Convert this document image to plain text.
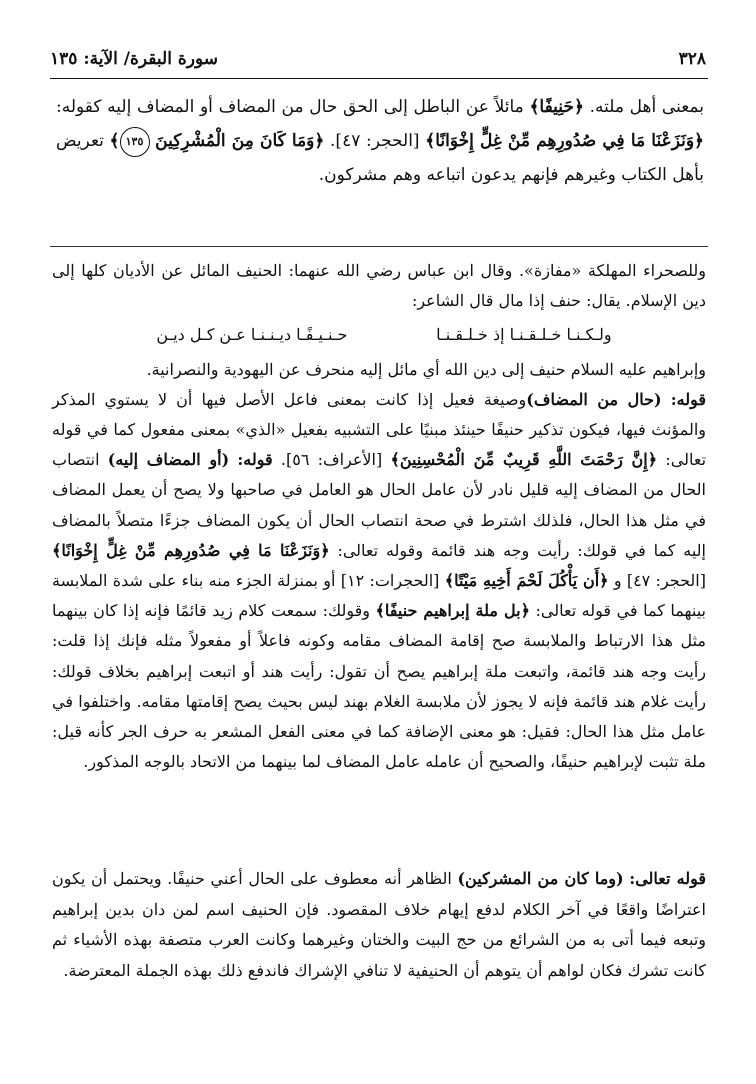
٣٢٨
سورة البقرة/ الآية: ١٣٥
بمعنى أهل ملته. ﴿حَنِيفًا﴾ مائلاً عن الباطل إلى الحق حال من المضاف أو المضاف إليه كقوله: ﴿وَنَزَعْنَا مَا فِي صُدُورِهِم مِّنْ غِلٍّ إِخْوَانًا﴾ [الحجر: ٤٧]. ﴿وَمَا كَانَ مِنَ الْمُشْرِكِينَ ١٣٥﴾ تعريض بأهل الكتاب وغيرهم فإنهم يدعون اتباعه وهم مشركون.

وللصحراء المهلكة «مفازة». وقال ابن عباس رضي الله عنهما: الحنيف المائل عن الأديان كلها إلى دين الإسلام. يقال: حنف إذا مال قال الشاعر:

ولـكـنـا خـلـقـنـا إذ خـلـقـنـا
حـنـيـفًـا ديـنـنـا عـن كـل ديـن

وإبراهيم عليه السلام حنيف إلى دين الله أي مائل إليه منحرف عن اليهودية والنصرانية.

قوله: (حال من المضاف)وصيغة فعيل إذا كانت بمعنى فاعل الأصل فيها أن لا يستوي المذكر والمؤنث فيها، فيكون تذكير حنيفًا حينئذ مبنيًا على التشبيه بفعيل «الذي» بمعنى مفعول كما في قوله تعالى: ﴿إِنَّ رَحْمَتَ اللَّهِ قَرِيبٌ مِّنَ الْمُحْسِنِينَ﴾ [الأعراف: ٥٦]. قوله: (أو المضاف إليه) انتصاب الحال من المضاف إليه قليل نادر لأن عامل الحال هو العامل في صاحبها ولا يصح أن يعمل المضاف في مثل هذا الحال، فلذلك اشترط في صحة انتصاب الحال أن يكون المضاف جزءًا متصلاً بالمضاف إليه كما في قولك: رأيت وجه هند قائمة وقوله تعالى: ﴿وَنَزَعْنَا مَا فِي صُدُورِهِم مِّنْ غِلٍّ إِخْوَانًا﴾ [الحجر: ٤٧] و ﴿أَن يَأْكُلَ لَحْمَ أَخِيهِ مَيْتًا﴾ [الحجرات: ١٢] أو بمنزلة الجزء منه بناء على شدة الملابسة بينهما كما في قوله تعالى: ﴿بل ملة إبراهيم حنيفًا﴾ وقولك: سمعت كلام زيد قائمًا فإنه إذا كان بينهما مثل هذا الارتباط والملابسة صح إقامة المضاف مقامه وكونه فاعلاً أو مفعولاً مثله فإنك إذا قلت: رأيت وجه هند قائمة، واتبعت ملة إبراهيم يصح أن تقول: رأيت هند أو اتبعت إبراهيم بخلاف قولك: رأيت غلام هند قائمة فإنه لا يجوز لأن ملابسة الغلام بهند ليس بحيث يصح إقامتها مقامه. واختلفوا في عامل مثل هذا الحال: فقيل: هو معنى الإضافة كما في معنى الفعل المشعر به حرف الجر كأنه قيل: ملة تثبت لإبراهيم حنيفًا، والصحيح أن عامله عامل المضاف لما بينهما من الاتحاد بالوجه المذكور.

قوله تعالى: (وما كان من المشركين) الظاهر أنه معطوف على الحال أعني حنيفًا. ويحتمل أن يكون اعتراضًا واقعًا في آخر الكلام لدفع إيهام خلاف المقصود. فإن الحنيف اسم لمن دان بدين إبراهيم وتبعه فيما أتى به من الشرائع من حج البيت والختان وغيرهما وكانت العرب متصفة بهذه الأشياء ثم كانت تشرك فكان لواهم أن يتوهم أن الحنيفية لا تنافي الإشراك فاندفع ذلك بهذه الجملة المعترضة.
